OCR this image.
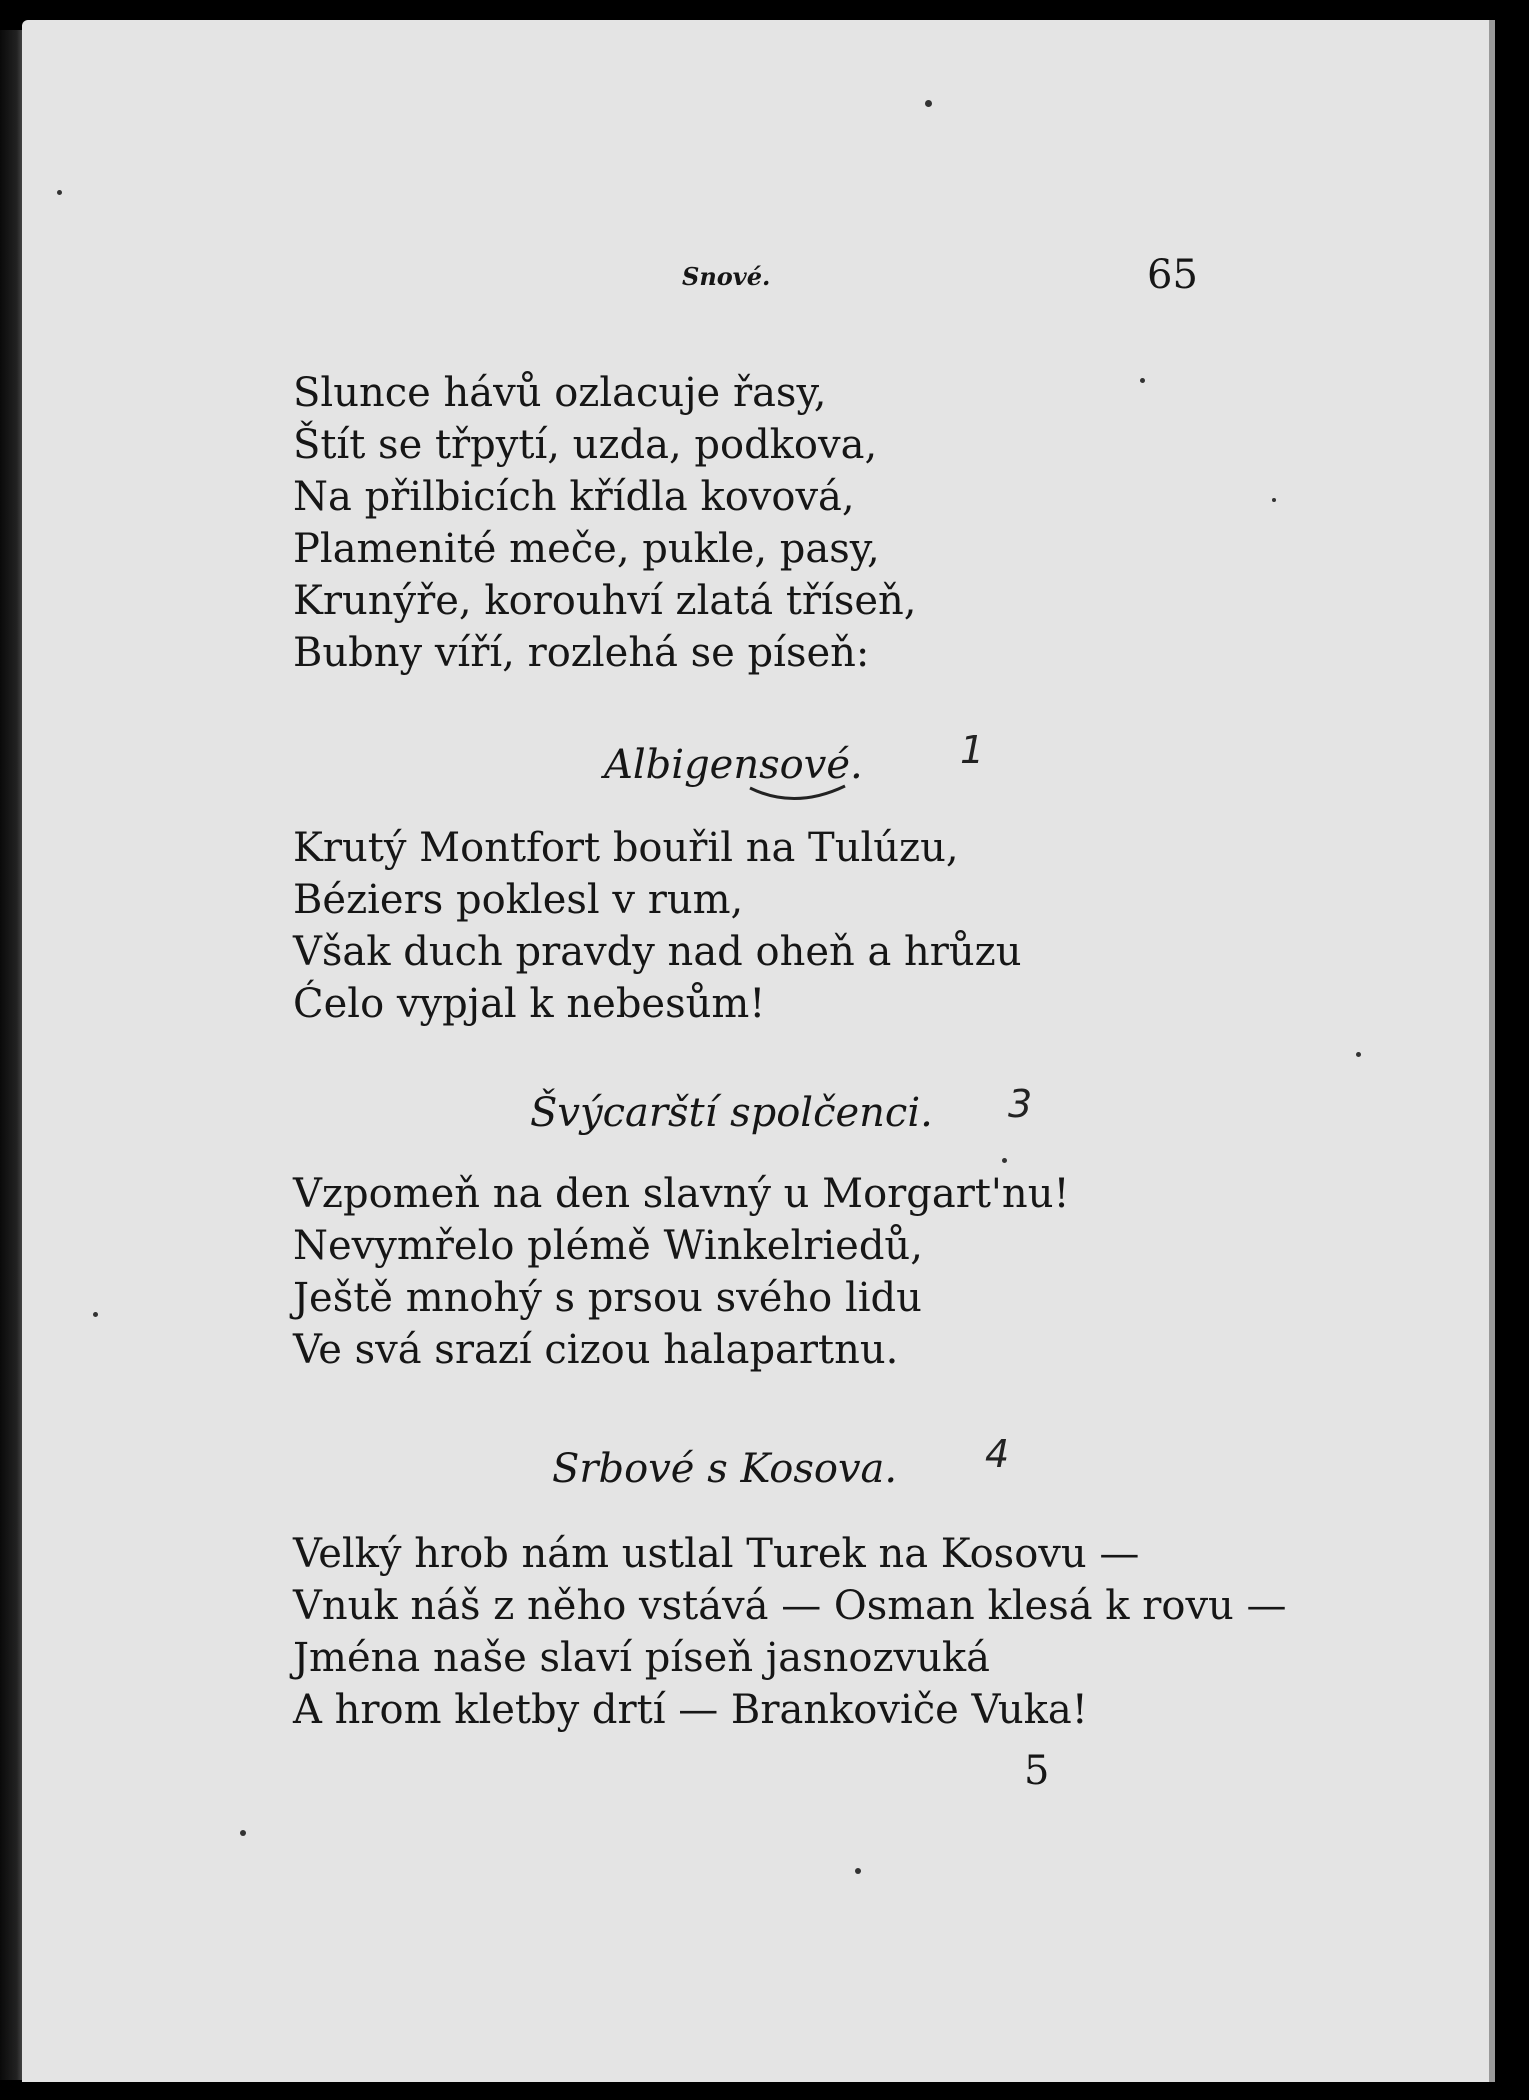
Snové.	65
Slunce hávů ozlacuje řasy,
Štít se třpytí, uzda, podkova,
Na přilbicích křídla kovová,
Plamenité meče, pukle, pasy,
Krunýře, korouhví zlatá tříseň,
Bubny víří, rozlehá se píseň:
Albigensové.	1
Krutý Montfort bouřil na Tulúzu,
Béziers poklesl v rum,
Však duch pravdy nad oheň a hrůzu
Ćelo vypjal k nebesům!
Švýcarští spolčenci. 3
Vzpomeň na den slavný u Morgart'nu!
Nevymřelo plémě Winkelriedů,
Ještě mnohý s prsou svého lidu
Ve svá srazí cizou halapartnu.
Srbové s Kosova. 4
Velký hrob nám ustlal Turek na Kosovu —
Vnuk náš z něho vstává — Osman klesá k rovu —
Jména naše slaví píseň jasnozvuká
A hrom kletby drtí — Brankoviče Vuka!
5
